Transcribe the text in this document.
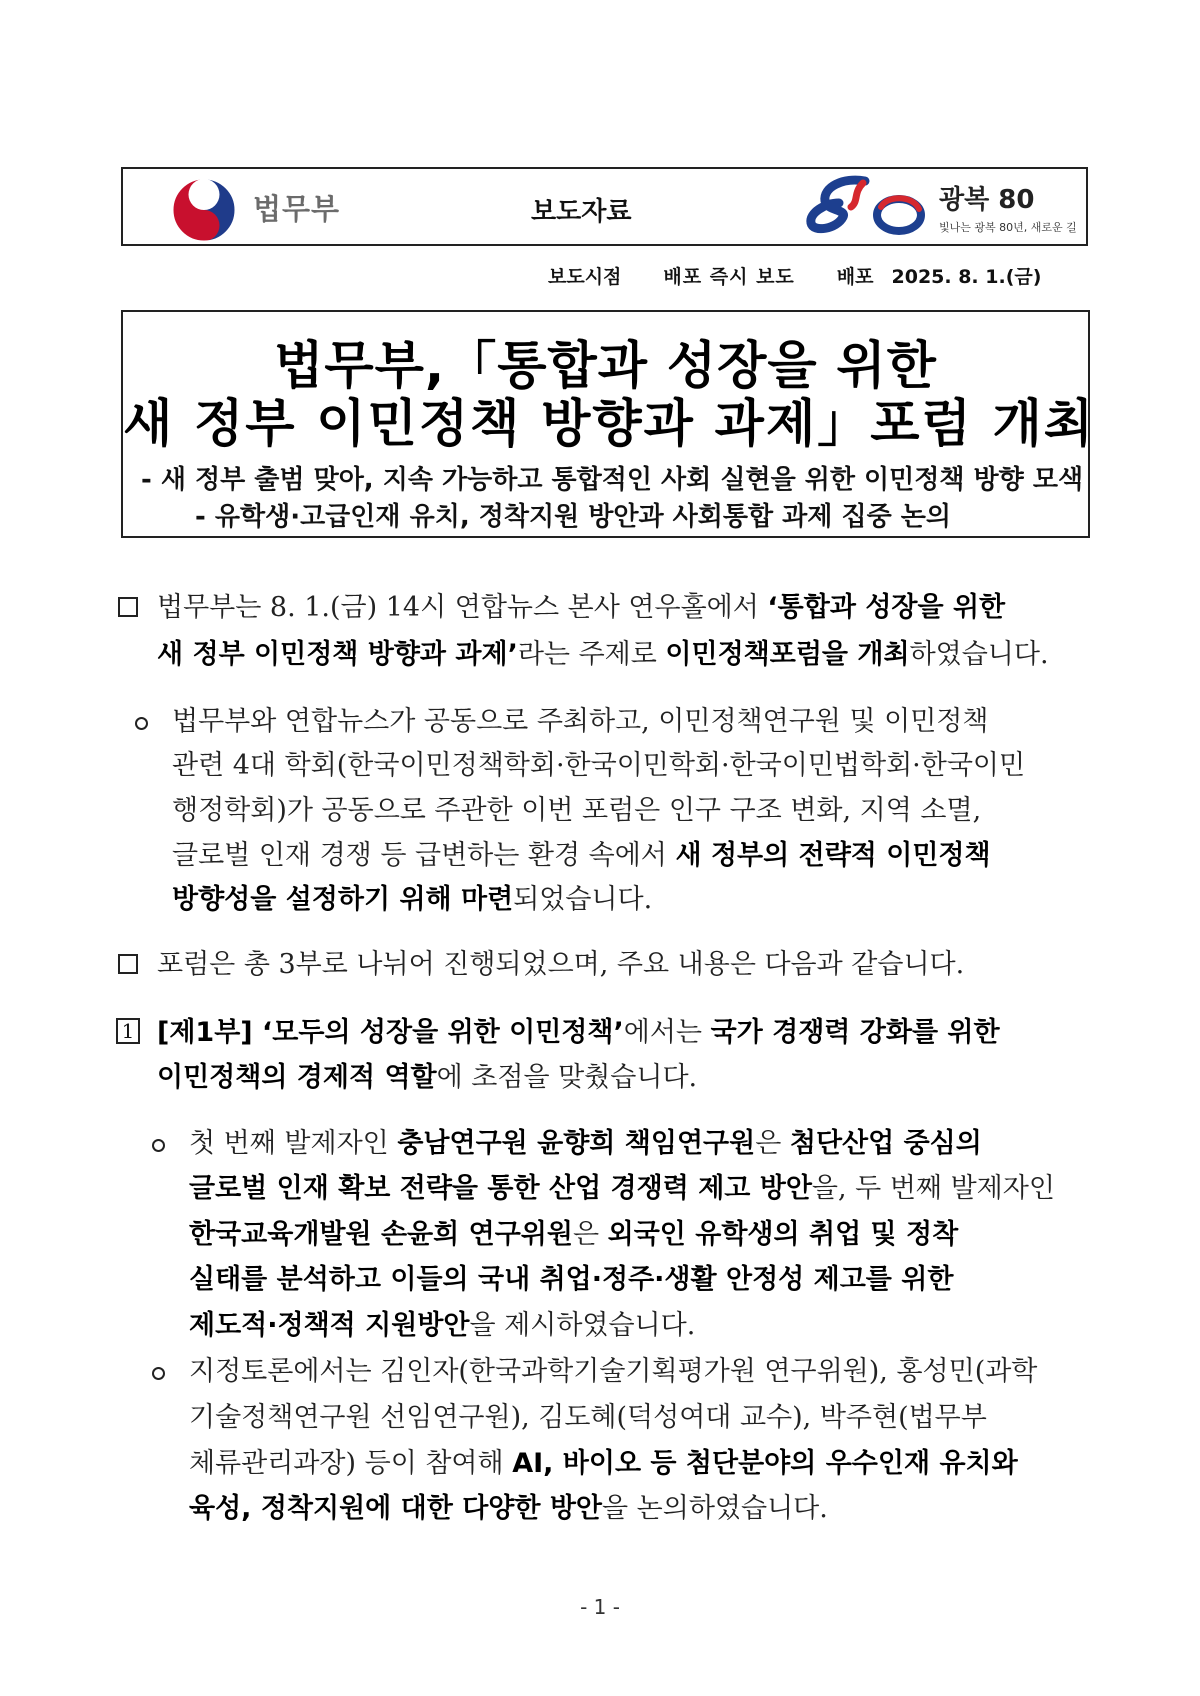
법무부	보도자료	광복 80
빛나는 광복 80년, 새로운 길
보도시점 배포 즉시 보도 배포 2025. 8. 1.(금)
법무부,「통합과 성장을 위한
새 정부 이민정책 방향과 과제」포럼 개최
- 새 정부 출범 맞아, 지속 가능하고 통합적인 사회 실현을 위한 이민정책 방향 모색
- 유학생·고급인재 유치, 정착지원 방안과 사회통합 과제 집중 논의
법무부는 8. 1.(금) 14시 연합뉴스 본사 연우홀에서 ‘통합과 성장을 위한
새 정부 이민정책 방향과 과제’라는 주제로 이민정책포럼을 개최하였습니다.
법무부와 연합뉴스가 공동으로 주최하고, 이민정책연구원 및 이민정책
관련 4대 학회(한국이민정책학회·한국이민학회·한국이민법학회·한국이민
행정학회)가 공동으로 주관한 이번 포럼은 인구 구조 변화, 지역 소멸,
글로벌 인재 경쟁 등 급변하는 환경 속에서 새 정부의 전략적 이민정책
방향성을 설정하기 위해 마련되었습니다.
포럼은 총 3부로 나뉘어 진행되었으며, 주요 내용은 다음과 같습니다.
1 [제1부] ‘모두의 성장을 위한 이민정책’에서는 국가 경쟁력 강화를 위한
이민정책의 경제적 역할에 초점을 맞췄습니다.
첫 번째 발제자인 충남연구원 윤향희 책임연구원은 첨단산업 중심의
글로벌 인재 확보 전략을 통한 산업 경쟁력 제고 방안을, 두 번째 발제자인
한국교육개발원 손윤희 연구위원은 외국인 유학생의 취업 및 정착
실태를 분석하고 이들의 국내 취업·정주·생활 안정성 제고를 위한
제도적·정책적 지원방안을 제시하였습니다.
지정토론에서는 김인자(한국과학기술기획평가원 연구위원), 홍성민(과학
기술정책연구원 선임연구원), 김도혜(덕성여대 교수), 박주현(법무부
체류관리과장) 등이 참여해 AI, 바이오 등 첨단분야의 우수인재 유치와
육성, 정착지원에 대한 다양한 방안을 논의하였습니다.
- 1 -
